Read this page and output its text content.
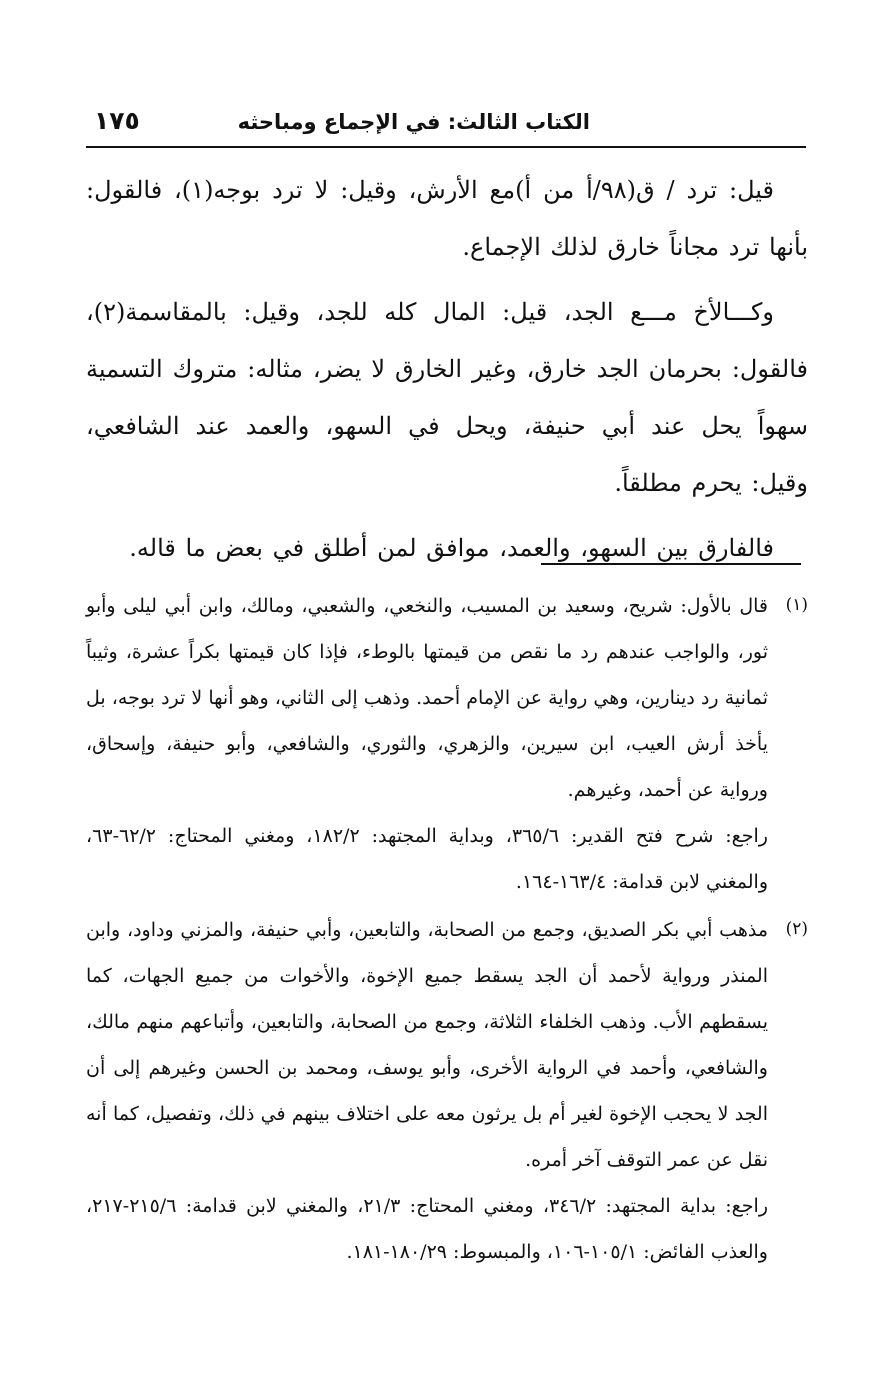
الكتاب الثالث: في الإجماع ومباحثه
١٧٥

قيل: ترد / ق(٩٨/أ من أ)مع الأرش، وقيل: لا ترد بوجه(١)، فالقول: بأنها ترد مجاناً خارق لذلك الإجماع.

وكـــالأخ مـــع الجد، قيل: المال كله للجد، وقيل: بالمقاسمة(٢)، فالقول: بحرمان الجد خارق، وغير الخارق لا يضر، مثاله: متروك التسمية سهواً يحل عند أبي حنيفة، ويحل في السهو، والعمد عند الشافعي، وقيل: يحرم مطلقاً.

فالفارق بين السهو، والعمد، موافق لمن أطلق في بعض ما قاله.

(١)

قال بالأول: شريح، وسعيد بن المسيب، والنخعي، والشعبي، ومالك، وابن أبي ليلى وأبو ثور، والواجب عندهم رد ما نقص من قيمتها بالوطء، فإذا كان قيمتها بكراً عشرة، وثيباً ثمانية رد دينارين، وهي رواية عن الإمام أحمد. وذهب إلى الثاني، وهو أنها لا ترد بوجه، بل يأخذ أرش العيب، ابن سيرين، والزهري، والثوري، والشافعي، وأبو حنيفة، وإسحاق، ورواية عن أحمد، وغيرهم.

راجع: شرح فتح القدير: ٣٦٥/٦، وبداية المجتهد: ١٨٢/٢، ومغني المحتاج: ٦٢/٢-٦٣، والمغني لابن قدامة: ١٦٣/٤-١٦٤.

(٢)

مذهب أبي بكر الصديق، وجمع من الصحابة، والتابعين، وأبي حنيفة، والمزني وداود، وابن المنذر ورواية لأحمد أن الجد يسقط جميع الإخوة، والأخوات من جميع الجهات، كما يسقطهم الأب. وذهب الخلفاء الثلاثة، وجمع من الصحابة، والتابعين، وأتباعهم منهم مالك، والشافعي، وأحمد في الرواية الأخرى، وأبو يوسف، ومحمد بن الحسن وغيرهم إلى أن الجد لا يحجب الإخوة لغير أم بل يرثون معه على اختلاف بينهم في ذلك، وتفصيل، كما أنه نقل عن عمر التوقف آخر أمره.

راجع: بداية المجتهد: ٣٤٦/٢، ومغني المحتاج: ٢١/٣، والمغني لابن قدامة: ٢١٥/٦-٢١٧، والعذب الفائض: ١٠٥/١-١٠٦، والمبسوط: ١٨٠/٢٩-١٨١.
